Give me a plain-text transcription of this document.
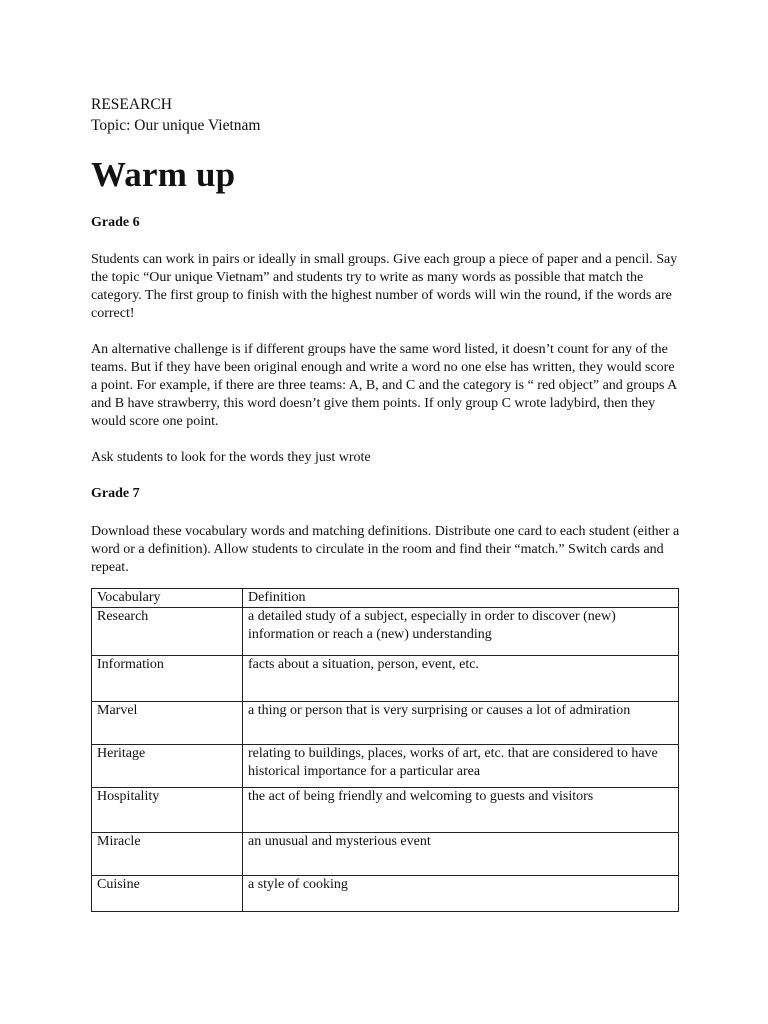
RESEARCH

Topic: Our unique Vietnam

Warm up
Grade 6

Students can work in pairs or ideally in small groups. Give each group a piece of paper and a pencil. Say the topic “Our unique Vietnam” and students try to write as many words as possible that match the category. The first group to finish with the highest number of words will win the round, if the words are correct!

An alternative challenge is if different groups have the same word listed, it doesn’t count for any of the teams. But if they have been original enough and write a word no one else has written, they would score a point. For example, if there are three teams: A, B, and C and the category is “ red object” and groups A and B have strawberry, this word doesn’t give them points. If only group C wrote ladybird, then they would score one point.

Ask students to look for the words they just wrote

Grade 7

Download these vocabulary words and matching definitions. Distribute one card to each student (either a word or a definition). Allow students to circulate in the room and find their “match.” Switch cards and repeat.

Vocabulary	Definition
Research	a detailed study of a subject, especially in order to discover (new) information or reach a (new) understanding
Information	facts about a situation, person, event, etc.
Marvel	a thing or person that is very surprising or causes a lot of admiration
Heritage	relating to buildings, places, works of art, etc. that are considered to have historical importance for a particular area
Hospitality	the act of being friendly and welcoming to guests and visitors
Miracle	an unusual and mysterious event
Cuisine	a style of cooking
